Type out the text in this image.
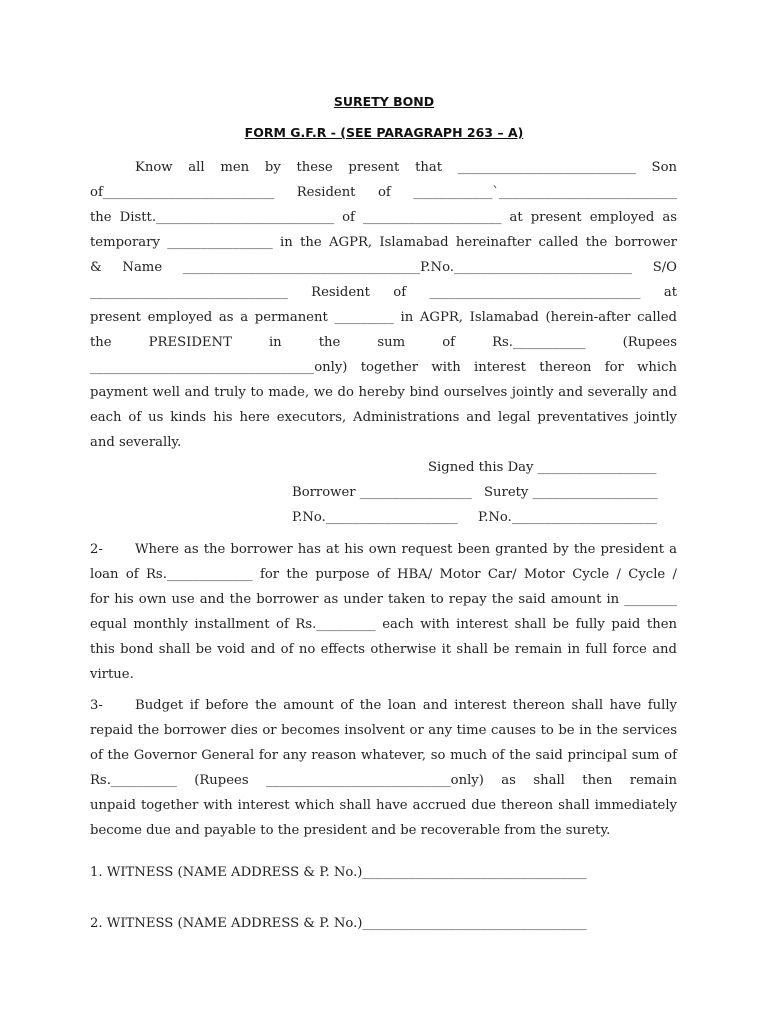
SURETY BOND
FORM G.F.R - (SEE PARAGRAPH 263 – A)
Know all men by these present that ___________________________ Son
of__________________________ Resident of ____________`___________________________
the Distt.___________________________ of _____________________ at present employed as
temporary ________________ in the AGPR, Islamabad hereinafter called the borrower
& Name ____________________________________P.No.___________________________ S/O
______________________________ Resident of ________________________________ at
present employed as a permanent _________ in AGPR, Islamabad (herein-after called
the PRESIDENT in the sum of Rs.___________ (Rupees
__________________________________only) together with interest thereon for which
payment well and truly to made, we do hereby bind ourselves jointly and severally and
each of us kinds his here executors, Administrations and legal preventatives jointly
and severally.
Signed this Day __________________
Borrower _________________ Surety ___________________
P.No.____________________ P.No.______________________
2- Where as the borrower has at his own request been granted by the president a
loan of Rs._____________ for the purpose of HBA/ Motor Car/ Motor Cycle / Cycle /
for his own use and the borrower as under taken to repay the said amount in ________
equal monthly installment of Rs._________ each with interest shall be fully paid then
this bond shall be void and of no effects otherwise it shall be remain in full force and
virtue.
3- Budget if before the amount of the loan and interest thereon shall have fully
repaid the borrower dies or becomes insolvent or any time causes to be in the services
of the Governor General for any reason whatever, so much of the said principal sum of
Rs.__________ (Rupees ____________________________only) as shall then remain
unpaid together with interest which shall have accrued due thereon shall immediately
become due and payable to the president and be recoverable from the surety.
1. WITNESS (NAME ADDRESS & P. No.)__________________________________
2. WITNESS (NAME ADDRESS & P. No.)__________________________________
